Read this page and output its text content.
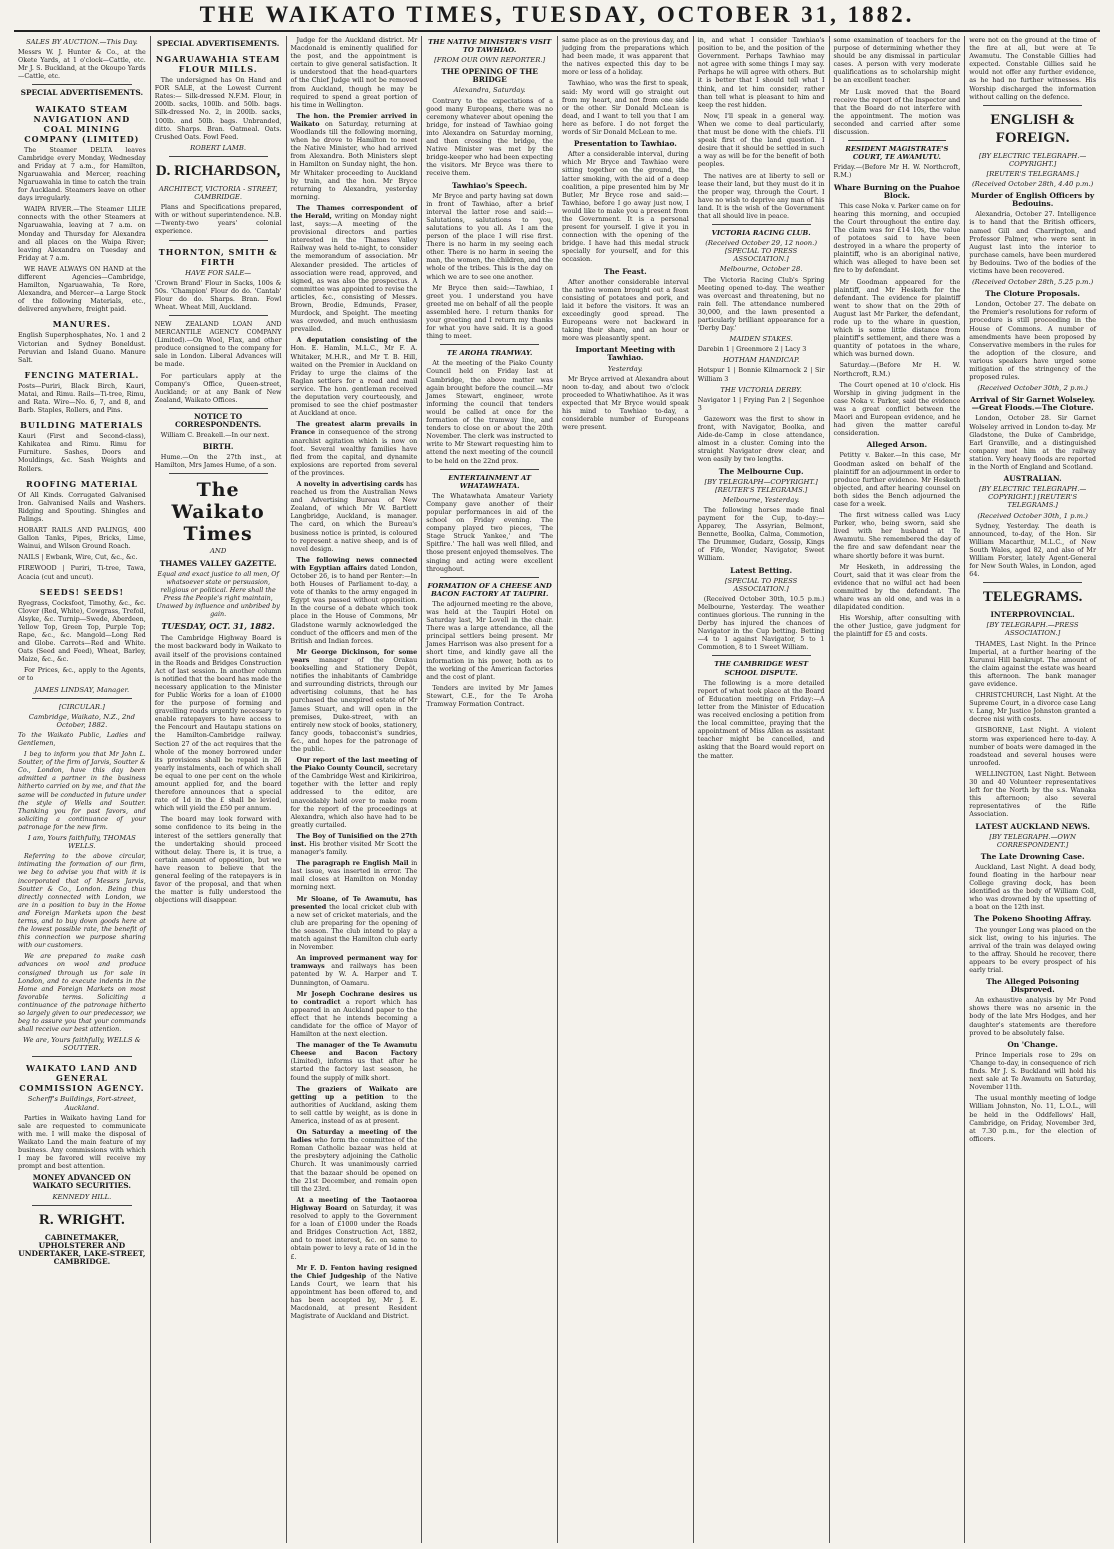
THE WAIKATO TIMES, TUESDAY, OCTOBER 31, 1882.
SALES BY AUCTION.—This Day.

Messrs W. J. Hunter & Co., at the Okete Yards, at 1 o'clock—Cattle, etc. Mr J. S. Buckland, at the Okoupo Yards—Cattle, etc.

SPECIAL ADVERTISEMENTS.
WAIKATO STEAM NAVIGATION AND COAL MINING COMPANY (LIMITED)

The Steamer DELTA leaves Cambridge every Monday, Wednesday and Friday at 7 a.m., for Hamilton, Ngaruawahia and Mercer, reaching Ngaruawahia in time to catch the train for Auckland. Steamers leave on other days irregularly.

WAIPA RIVER.—The Steamer LILIE connects with the other Steamers at Ngaruawahia, leaving at 7 a.m. on Monday and Thursday for Alexandra and all places on the Waipa River; leaving Alexandra on Tuesday and Friday at 7 a.m.

WE HAVE ALWAYS ON HAND at the different Agencies—Cambridge, Hamilton, Ngaruawahia, Te Rore, Alexandra, and Mercer—a Large Stock of the following Materials, etc., delivered anywhere, freight paid.

MANURES.

English Superphosphates, No. 1 and 2 Victorian and Sydney Boneldust. Peruvian and Island Guano. Manure Salt.

FENCING MATERIAL.

Posts—Puriri, Black Birch, Kauri, Matai, and Rimu. Rails—Ti-tree, Rimu, and Rata. Wire—No. 6, 7, and 8, and Barb. Staples, Rollers, and Pins.

BUILDING MATERIALS

Kauri (First and Second-class), Kahikatea and Rimu. Rimu for Furniture. Sashes, Doors and Mouldings, &c. Sash Weights and Rollers.

ROOFING MATERIAL

Of All Kinds. Corrugated Galvanised Iron. Galvanised Nails and Washers. Ridging and Spouting. Shingles and Palings.

HOBART RAILS AND PALINGS, 400 Gallon Tanks, Pipes, Bricks, Lime, Wainui, and Wilson Ground Roach.

NAILS | Ewbank, Wire, Cut, &c., &c.

FIREWOOD | Puriri, Ti-tree, Tawa, Acacia (cut and uncut).

SEEDS! SEEDS!

Ryegrass, Cocksfoot, Timothy, &c., &c. Clover (Red, White), Cowgrass, Trefoil, Alsyke, &c. Turnip—Swede, Aberdeen, Yellow Top, Green Top, Purple Top; Rape, &c., &c. Mangold—Long Red and Globe. Carrots—Red and White. Oats (Seed and Feed), Wheat, Barley, Maize, &c., &c.

For Prices, &c., apply to the Agents, or to

JAMES LINDSAY, Manager.
[CIRCULAR.]
Cambridge, Waikato, N.Z., 2nd October, 1882.

To the Waikato Public, Ladies and Gentlemen,

I beg to inform you that Mr John L. Soutter, of the firm of Jarvis, Soutter & Co., London, have this day been admitted a partner in the business hitherto carried on by me, and that the same will be conducted in future under the style of Wells and Soutter. Thanking you for past favors, and soliciting a continuance of your patronage for the new firm.

I am, Yours faithfully, THOMAS WELLS.

Referring to the above circular, intimating the formation of our firm, we beg to advise you that with it is incorporated that of Messrs Jarvis, Soutter & Co., London. Being thus directly connected with London, we are in a position to buy in the Home and Foreign Markets upon the best terms, and to buy down goods here at the lowest possible rate, the benefit of this connection we purpose sharing with our customers.

We are prepared to make cash advances on wool and produce consigned through us for sale in London, and to execute indents in the Home and Foreign Markets on most favorable terms. Soliciting a continuance of the patronage hitherto so largely given to our predecessor, we beg to assure you that your commands shall receive our best attention.

We are, Yours faithfully, WELLS & SOUTTER.
WAIKATO LAND AND GENERAL COMMISSION AGENCY.
Scherff's Buildings, Fort-street, Auckland.

Parties in Waikato having Land for sale are requested to communicate with me. I will make the disposal of Waikato Land the main feature of my business. Any commissions with which I may be favored will receive my prompt and best attention.

MONEY ADVANCED ON WAIKATO SECURITIES.
KENNEDY HILL.
R. WRIGHT.
CABINETMAKER, UPHOLSTERER AND UNDERTAKER, LAKE-STREET, CAMBRIDGE.
SPECIAL ADVERTISEMENTS.
NGARUAWAHIA STEAM FLOUR MILLS.

The undersigned has On Hand and FOR SALE, at the Lowest Current Rates:— Silk-dressed N.F.M. Flour, in 200lb. sacks, 100lb. and 50lb. bags. Silk-dressed No. 2, in 200lb. sacks, 100lb. and 50lb. bags. Unbranded, ditto. Sharps. Bran. Oatmeal. Oats. Crushed Oats. Fowl Feed.

ROBERT LAMB.
D. RICHARDSON,
ARCHITECT, VICTORIA - STREET, CAMBRIDGE.

Plans and Specifications prepared, with or without superintendence. N.B.—Twenty-two years' colonial experience.

THORNTON, SMITH & FIRTH
HAVE FOR SALE—

'Crown Brand' Flour in Sacks, 100s & 50s. 'Champion' Flour do do. 'Cantab' Flour do do. Sharps. Bran. Fowl Wheat. Wheat Mill, Auckland.

NEW ZEALAND LOAN AND MERCANTILE AGENCY COMPANY (Limited).—On Wool, Flax, and other produce consigned to the company for sale in London. Liberal Advances will be made.

For particulars apply at the Company's Office, Queen-street, Auckland; or at any Bank of New Zealand, Waikato Offices.

NOTICE TO CORRESPONDENTS.

William C. Breakell.—In our next.

BIRTH.

Hume.—On the 27th inst., at Hamilton, Mrs James Hume, of a son.

The Waikato Times
AND
THAMES VALLEY GAZETTE.

Equal and exact justice to all men, Of whatsoever state or persuasion, religious or political. Here shall the Press the People's right maintain, Unawed by influence and unbribed by gain.

TUESDAY, OCT. 31, 1882.

The Cambridge Highway Board is the most backward body in Waikato to avail itself of the provisions contained in the Roads and Bridges Construction Act of last session. In another column is notified that the board has made the necessary application to the Minister for Public Works for a loan of £1000 for the purpose of forming and gravelling roads urgently necessary to enable ratepayers to have access to the Fencourt and Hautapu stations on the Hamilton-Cambridge railway. Section 27 of the act requires that the whole of the money borrowed under its provisions shall be repaid in 26 yearly instalments, each of which shall be equal to one per cent on the whole amount applied for, and the board therefore announces that a special rate of 1d in the £ shall be levied, which will yield the £50 per annum.

The board may look forward with some confidence to its being in the interest of the settlers generally that the undertaking should proceed without delay. There is, it is true, a certain amount of opposition, but we have reason to believe that the general feeling of the ratepayers is in favor of the proposal, and that when the matter is fully understood the objections will disappear.

Judge for the Auckland district. Mr Macdonald is eminently qualified for the post, and the appointment is certain to give general satisfaction. It is understood that the head-quarters of the Chief Judge will not be removed from Auckland, though he may be required to spend a great portion of his time in Wellington.

The hon. the Premier arrived in Waikato on Saturday, returning at Woodlands till the following morning, when he drove to Hamilton to meet the Native Minister, who had arrived from Alexandra. Both Ministers slept in Hamilton on Sunday night, the hon. Mr Whitaker proceeding to Auckland by train, and the hon. Mr Bryce returning to Alexandra, yesterday morning.

The Thames correspondent of the Herald, writing on Monday night last, says:—A meeting of the provisional directors and parties interested in the Thames Valley Railway was held to-night, to consider the memorandum of association. Mr Alexander presided. The articles of association were read, approved, and signed, as was also the prospectus. A committee was appointed to revise the articles, &c., consisting of Messrs. Brown, Brodie, Edmunds, Fraser, Murdock, and Speight. The meeting was crowded, and much enthusiasm prevailed.

A deputation consisting of the Hon. E. Hamlin, M.L.C., Mr F. A. Whitaker, M.H.R., and Mr T. B. Hill, waited on the Premier in Auckland on Friday to urge the claims of the Raglan settlers for a road and mail service. The hon. gentleman received the deputation very courteously, and promised to see the chief postmaster at Auckland at once.

The greatest alarm prevails in France in consequence of the strong anarchist agitation which is now on foot. Several wealthy families have fled from the capital, and dynamite explosions are reported from several of the provinces.

A novelty in advertising cards has reached us from the Australian News and Advertising Bureau of New Zealand, of which Mr W. Bartlett Langbridge, Auckland, is manager. The card, on which the Bureau's business notice is printed, is coloured to represent a native sheep, and is of novel design.

The following news connected with Egyptian affairs dated London, October 26, is to hand per Renter:—In both Houses of Parliament to-day, a vote of thanks to the army engaged in Egypt was passed without opposition. In the course of a debate which took place in the House of Commons, Mr Gladstone warmly acknowledged the conduct of the officers and men of the British and Indian forces.

Mr George Dickinson, for some years manager of the Orakau bookselling and Stationery Depôt, notifies the inhabitants of Cambridge and surrounding districts, through our advertising columns, that he has purchased the unexpired estate of Mr James Stuart, and will open in the premises, Duke-street, with an entirely new stock of books, stationery, fancy goods, tobacconist's sundries, &c., and hopes for the patronage of the public.

Our report of the last meeting of the Piako County Council, secretary of the Cambridge West and Kirikiriroa, together with the letter and reply addressed to the editor, are unavoidably held over to make room for the report of the proceedings at Alexandra, which also have had to be greatly curtailed.

The Boy of Tunisified on the 27th inst. His brother visited Mr Scott the manager's family.

The paragraph re English Mail in last issue, was inserted in error. The mail closes at Hamilton on Monday morning next.

Mr Sloane, of Te Awamutu, has presented the local cricket club with a new set of cricket materials, and the club are preparing for the opening of the season. The club intend to play a match against the Hamilton club early in November.

An improved permanent way for tramways and railways has been patented by W. A. Harper and T. Dunnington, of Oamaru.

Mr Joseph Cochrane desires us to contradict a report which has appeared in an Auckland paper to the effect that he intends becoming a candidate for the office of Mayor of Hamilton at the next election.

The manager of the Te Awamutu Cheese and Bacon Factory (Limited), informs us that after he started the factory last season, he found the supply of milk short.

The graziers of Waikato are getting up a petition to the authorities of Auckland, asking them to sell cattle by weight, as is done in America, instead of as at present.

On Saturday a meeting of the ladies who form the committee of the Roman Catholic bazaar was held at the presbytery adjoining the Catholic Church. It was unanimously carried that the bazaar should be opened on the 21st December, and remain open till the 23rd.

At a meeting of the Taotaoroa Highway Board on Saturday, it was resolved to apply to the Government for a loan of £1000 under the Roads and Bridges Construction Act, 1882, and to meet interest, &c. on same to obtain power to levy a rate of 1d in the £.

Mr F. D. Fenton having resigned the Chief Judgeship of the Native Lands Court, we learn that his appointment has been offered to, and has been accepted by, Mr J. E. Macdonald, at present Resident Magistrate of Auckland and District.

THE NATIVE MINISTER'S VISIT TO TAWHIAO.
[FROM OUR OWN REPORTER.]
THE OPENING OF THE BRIDGE
Alexandra, Saturday.

Contrary to the expectations of a good many Europeans, there was no ceremony whatever about opening the bridge, for instead of Tawhiao going into Alexandra on Saturday morning, and then crossing the bridge, the Native Minister was met by the bridge-keeper who had been expecting the visitors. Mr Bryce was there to receive them.

Tawhiao's Speech.

Mr Bryce and party having sat down in front of Tawhiao, after a brief interval the latter rose and said:—Salutations, salutations to you, salutations to you all. As I am the person of the place I will rise first. There is no harm in my seeing each other. There is no harm in seeing the man, the women, the children, and the whole of the tribes. This is the day on which we are to see one another.

Mr Bryce then said:—Tawhiao, I greet you. I understand you have greeted me on behalf of all the people assembled here. I return thanks for your greeting and I return my thanks for what you have said. It is a good thing to meet.

TE AROHA TRAMWAY.

At the meeting of the Piako County Council held on Friday last at Cambridge, the above matter was again brought before the council.—Mr James Stewart, engineer, wrote informing the council that tenders would be called at once for the formation of the tramway line, and tenders to close on or about the 20th November. The clerk was instructed to write to Mr Stewart requesting him to attend the next meeting of the council to be held on the 22nd prox.

ENTERTAINMENT AT WHATAWHATA.

The Whatawhata Amateur Variety Company gave another of their popular performances in aid of the school on Friday evening. The company played two pieces, 'The Stage Struck Yankee,' and 'The Spitfire.' The hall was well filled, and those present enjoyed themselves. The singing and acting were excellent throughout.

FORMATION OF A CHEESE AND BACON FACTORY AT TAUPIRI.

The adjourned meeting re the above, was held at the Taupiri Hotel on Saturday last, Mr Lovell in the chair. There was a large attendance, all the principal settlers being present. Mr James Harrison was also present for a short time, and kindly gave all the information in his power, both as to the working of the American factories and the cost of plant.

Tenders are invited by Mr James Stewart, C.E., for the Te Aroha Tramway Formation Contract.

same place as on the previous day, and judging from the preparations which had been made, it was apparent that the natives expected this day to be more or less of a holiday.

Tawhiao, who was the first to speak, said: My word will go straight out from my heart, and not from one side or the other. Sir Donald McLean is dead, and I want to tell you that I am here as before. I do not forget the words of Sir Donald McLean to me.

Presentation to Tawhiao.

After a considerable interval, during which Mr Bryce and Tawhiao were sitting together on the ground, the latter smoking, with the aid of a deep coalition, a pipe presented him by Mr Butler, Mr Bryce rose and said:—Tawhiao, before I go away just now, I would like to make you a present from the Government. It is a personal present for yourself. I give it you in connection with the opening of the bridge. I have had this medal struck specially for yourself, and for this occasion.

The Feast.

After another considerable interval the native women brought out a feast consisting of potatoes and pork, and laid it before the visitors. It was an exceedingly good spread. The Europeans were not backward in taking their share, and an hour or more was pleasantly spent.

Important Meeting with Tawhiao.
Yesterday.

Mr Bryce arrived at Alexandra about noon to-day, and about two o'clock proceeded to Whatiwhatihoe. As it was expected that Mr Bryce would speak his mind to Tawhiao to-day, a considerable number of Europeans were present.

in, and what I consider Tawhiao's position to be, and the position of the Government. Perhaps Tawhiao may not agree with some things I may say. Perhaps he will agree with others. But it is better that I should tell what I think, and let him consider, rather than tell what is pleasant to him and keep the rest hidden.

Now, I'll speak in a general way. When we come to deal particularly, that must be done with the chiefs. I'll speak first of the land question. I desire that it should be settled in such a way as will be for the benefit of both peoples.

The natives are at liberty to sell or lease their land, but they must do it in the proper way, through the Court. I have no wish to deprive any man of his land. It is the wish of the Government that all should live in peace.

VICTORIA RACING CLUB.
(Received October 29, 12 noon.) [SPECIAL TO PRESS ASSOCIATION.]
Melbourne, October 28.

The Victoria Racing Club's Spring Meeting opened to-day. The weather was overcast and threatening, but no rain fell. The attendance numbered 30,000, and the lawn presented a particularly brilliant appearance for a 'Derby Day.'

MAIDEN STAKES.

Darebin 1 | Greenmore 2 | Lacy 3

HOTHAM HANDICAP.

Hotspur 1 | Bonnie Kilmarnock 2 | Sir William 3

THE VICTORIA DERBY.

Navigator 1 | Frying Pan 2 | Segenhoe 3

Gazeworx was the first to show in front, with Navigator, Boolka, and Aide-de-Camp in close attendance, almost in a cluster. Coming into the straight Navigator drew clear, and won easily by two lengths.

The Melbourne Cup.
[BY TELEGRAPH—COPYRIGHT.] [REUTER'S TELEGRAMS.]
Melbourne, Yesterday.

The following horses made final payment for the Cup, to-day:—Apparey, The Assyrian, Belmont, Bennette, Boolka, Calma, Commotion, The Drummer, Gudarz, Gossip, Kings of Fife, Wonder, Navigator, Sweet William.

Latest Betting.
[SPECIAL TO PRESS ASSOCIATION.]

(Received October 30th, 10.5 p.m.) Melbourne, Yesterday. The weather continues glorious. The running in the Derby has injured the chances of Navigator in the Cup betting. Betting—4 to 1 against Navigator, 5 to 1 Commotion, 8 to 1 Sweet William.

THE CAMBRIDGE WEST SCHOOL DISPUTE.

The following is a more detailed report of what took place at the Board of Education meeting on Friday:—A letter from the Minister of Education was received enclosing a petition from the local committee, praying that the appointment of Miss Allen as assistant teacher might be cancelled, and asking that the Board would report on the matter.

some examination of teachers for the purpose of determining whether they should be any dismissal in particular cases. A person with very moderate qualifications as to scholarship might be an excellent teacher.

Mr Lusk moved that the Board receive the report of the Inspector and that the Board do not interfere with the appointment. The motion was seconded and carried after some discussion.

RESIDENT MAGISTRATE'S COURT, TE AWAMUTU.

Friday.—(Before Mr H. W. Northcroft, R.M.)

Whare Burning on the Puahoe Block.

This case Noka v. Parker came on for hearing this morning, and occupied the Court throughout the entire day. The claim was for £14 10s, the value of potatoes said to have been destroyed in a whare the property of plaintiff, who is an aboriginal native, which was alleged to have been set fire to by defendant.

Mr Goodman appeared for the plaintiff, and Mr Hesketh for the defendant. The evidence for plaintiff went to show that on the 29th of August last Mr Parker, the defendant, rode up to the whare in question, which is some little distance from plaintiff's settlement, and there was a quantity of potatoes in the whare, which was burned down.

Saturday.—(Before Mr H. W. Northcroft, R.M.)

The Court opened at 10 o'clock. His Worship in giving judgment in the case Noka v. Parker, said the evidence was a great conflict between the Maori and European evidence, and he had given the matter careful consideration.

Alleged Arson.

Petitty v. Baker.—In this case, Mr Goodman asked on behalf of the plaintiff for an adjournment in order to produce further evidence. Mr Hesketh objected, and after hearing counsel on both sides the Bench adjourned the case for a week.

The first witness called was Lucy Parker, who, being sworn, said she lived with her husband at Te Awamutu. She remembered the day of the fire and saw defendant near the whare shortly before it was burnt.

Mr Hesketh, in addressing the Court, said that it was clear from the evidence that no wilful act had been committed by the defendant. The whare was an old one, and was in a dilapidated condition.

His Worship, after consulting with the other Justice, gave judgment for the plaintiff for £5 and costs.

were not on the ground at the time of the fire at all, but were at Te Awamutu. The Constable Gillies had expected. Constable Gillies said he would not offer any further evidence, as he had no further witnesses. His Worship discharged the information without calling on the defence.

ENGLISH & FOREIGN.
[BY ELECTRIC TELEGRAPH.—COPYRIGHT.]
[REUTER'S TELEGRAMS.]
(Received October 28th, 4.40 p.m.)
Murder of English Officers by Bedouins.

Alexandria, October 27. Intelligence is to hand that the British officers, named Gill and Charrington, and Professor Palmer, who were sent in August last into the interior to purchase camels, have been murdered by Bedouins. Two of the bodies of the victims have been recovered.

(Received October 28th, 5.25 p.m.)
The Cloture Proposals.

London, October 27. The debate on the Premier's resolutions for reform of procedure is still proceeding in the House of Commons. A number of amendments have been proposed by Conservative members in the rules for the adoption of the closure, and various speakers have urged some mitigation of the stringency of the proposed rules.

(Received October 30th, 2 p.m.)
Arrival of Sir Garnet Wolseley.—Great Floods.—The Cloture.

London, October 28. Sir Garnet Wolseley arrived in London to-day. Mr Gladstone, the Duke of Cambridge, Earl Granville, and a distinguished company met him at the railway station. Very heavy floods are reported in the North of England and Scotland.

AUSTRALIAN.
[BY ELECTRIC TELEGRAPH.—COPYRIGHT.] [REUTER'S TELEGRAMS.]
(Received October 30th, 1 p.m.)

Sydney, Yesterday. The death is announced, to-day, of the Hon. Sir William Macarthur, M.L.C., of New South Wales, aged 82, and also of Mr William Forster, lately Agent-General for New South Wales, in London, aged 64.

TELEGRAMS.
INTERPROVINCIAL.
[BY TELEGRAPH.—PRESS ASSOCIATION.]

THAMES, Last Night. In the Prince Imperial, at a further hearing of the Kurunui Hill bankrupt. The amount of the claim against the estate was heard this afternoon. The bank manager gave evidence.

CHRISTCHURCH, Last Night. At the Supreme Court, in a divorce case Lang v. Lang, Mr Justice Johnston granted a decree nisi with costs.

GISBORNE, Last Night. A violent storm was experienced here to-day. A number of boats were damaged in the roadstead and several houses were unroofed.

WELLINGTON, Last Night. Between 30 and 40 Volunteer representatives left for the North by the s.s. Wanaka this afternoon; also several representatives of the Rifle Association.

LATEST AUCKLAND NEWS.
[BY TELEGRAPH.—OWN CORRESPONDENT.]
The Late Drowning Case.

Auckland, Last Night. A dead body, found floating in the harbour near College graving dock, has been identified as the body of William Coll, who was drowned by the upsetting of a boat on the 12th inst.

The Pokeno Shooting Affray.

The younger Long was placed on the sick list, owing to his injuries. The arrival of the train was delayed owing to the affray. Should he recover, there appears to be every prospect of his early trial.

The Alleged Poisoning Disproved.

An exhaustive analysis by Mr Pond shows there was no arsenic in the body of the late Mrs Hodges, and her daughter's statements are therefore proved to be absolutely false.

On 'Change.

Prince Imperials rose to 29s on 'Change to-day, in consequence of rich finds. Mr J. S. Buckland will hold his next sale at Te Awamutu on Saturday, November 11th.

The usual monthly meeting of lodge William Johnston, No. 11, L.O.L., will be held in the Oddfellows' Hall, Cambridge, on Friday, November 3rd, at 7.30 p.m., for the election of officers.
